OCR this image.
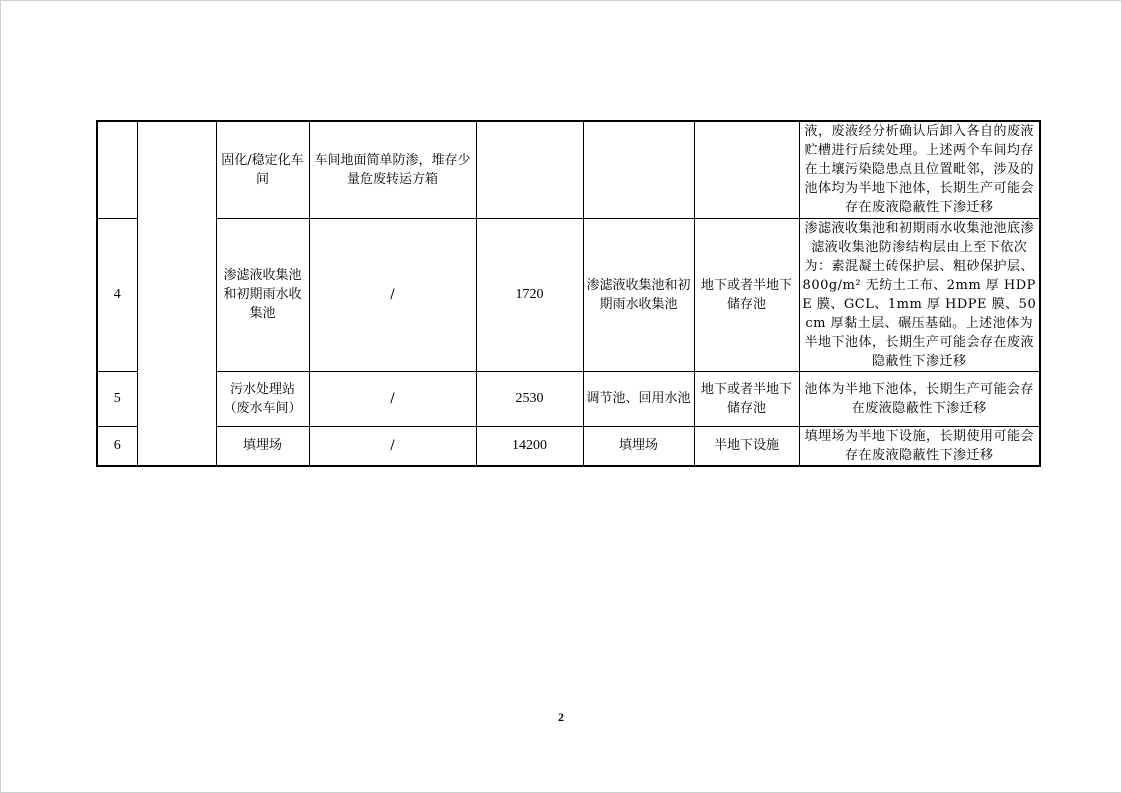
		固化/稳定化车间	车间地面简单防渗，堆存少量危废转运方箱				液，废液经分析确认后卸入各自的废液贮槽进行后续处理。上述两个车间均存在土壤污染隐患点且位置毗邻，涉及的池体均为半地下池体，长期生产可能会存在废液隐蔽性下渗迁移
4		渗滤液收集池和初期雨水收集池	/	1720	渗滤液收集池和初期雨水收集池	地下或者半地下储存池	渗滤液收集池和初期雨水收集池池底渗滤液收集池防渗结构层由上至下依次为：素混凝土砖保护层、粗砂保护层、800g/m² 无纺土工布、2mm 厚 HDPE 膜、GCL、1mm 厚 HDPE 膜、50cm 厚黏土层、碾压基础。上述池体为半地下池体，长期生产可能会存在废液隐蔽性下渗迁移
5		污水处理站（废水车间）	/	2530	调节池、回用水池	地下或者半地下储存池	池体为半地下池体，长期生产可能会存在废液隐蔽性下渗迁移
6		填埋场	/	14200	填埋场	半地下设施	填埋场为半地下设施，长期使用可能会存在废液隐蔽性下渗迁移
2
